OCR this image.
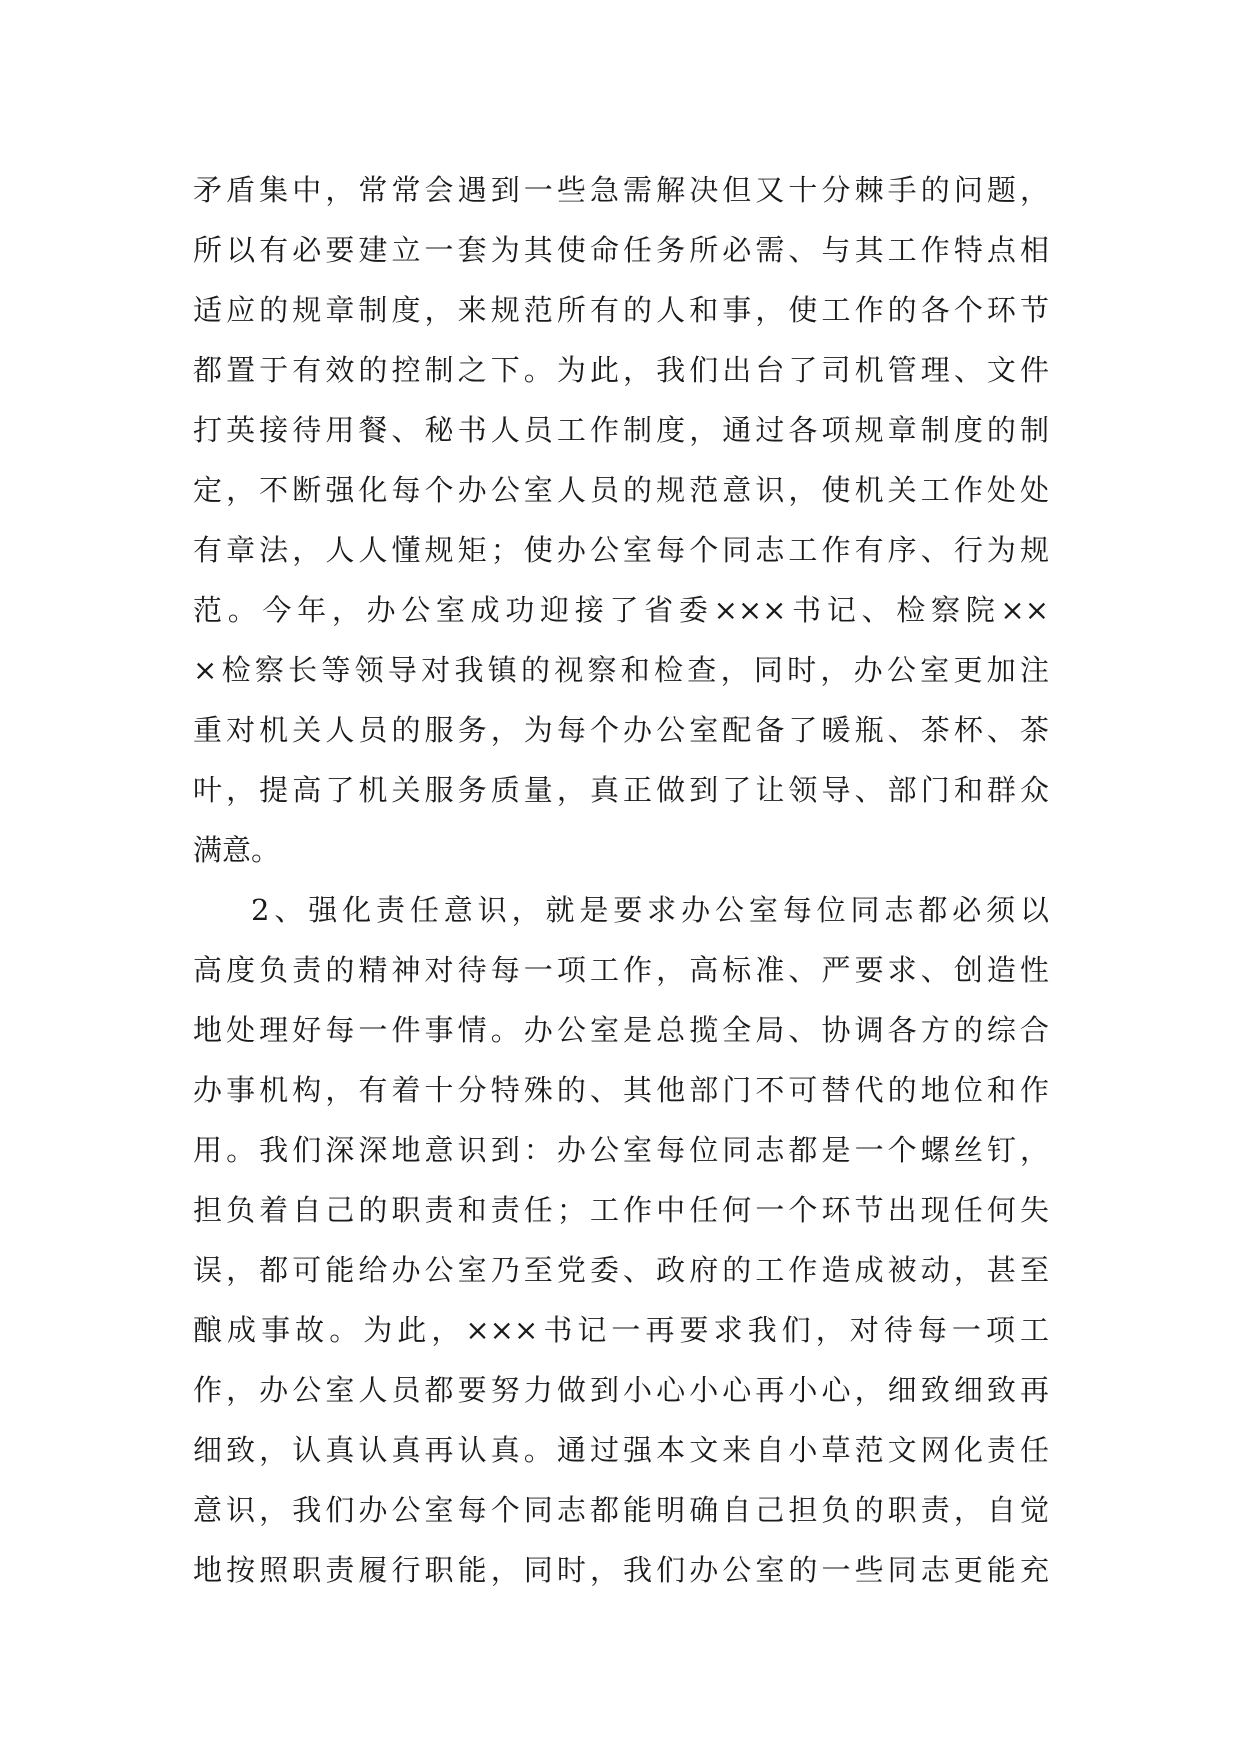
矛盾集中，常常会遇到一些急需解决但又十分棘手的问题，
所以有必要建立一套为其使命任务所必需、与其工作特点相
适应的规章制度，来规范所有的人和事，使工作的各个环节
都置于有效的控制之下。为此，我们出台了司机管理、文件
打英接待用餐、秘书人员工作制度，通过各项规章制度的制
定，不断强化每个办公室人员的规范意识，使机关工作处处
有章法，人人懂规矩；使办公室每个同志工作有序、行为规
范。今年，办公室成功迎接了省委×××书记、检察院××
×检察长等领导对我镇的视察和检查，同时，办公室更加注
重对机关人员的服务，为每个办公室配备了暖瓶、茶杯、茶
叶，提高了机关服务质量，真正做到了让领导、部门和群众
满意。
2、强化责任意识，就是要求办公室每位同志都必须以
高度负责的精神对待每一项工作，高标准、严要求、创造性
地处理好每一件事情。办公室是总揽全局、协调各方的综合
办事机构，有着十分特殊的、其他部门不可替代的地位和作
用。我们深深地意识到：办公室每位同志都是一个螺丝钉，
担负着自己的职责和责任；工作中任何一个环节出现任何失
误，都可能给办公室乃至党委、政府的工作造成被动，甚至
酿成事故。为此，×××书记一再要求我们，对待每一项工
作，办公室人员都要努力做到小心小心再小心，细致细致再
细致，认真认真再认真。通过强本文来自小草范文网化责任
意识，我们办公室每个同志都能明确自己担负的职责，自觉
地按照职责履行职能，同时，我们办公室的一些同志更能充
